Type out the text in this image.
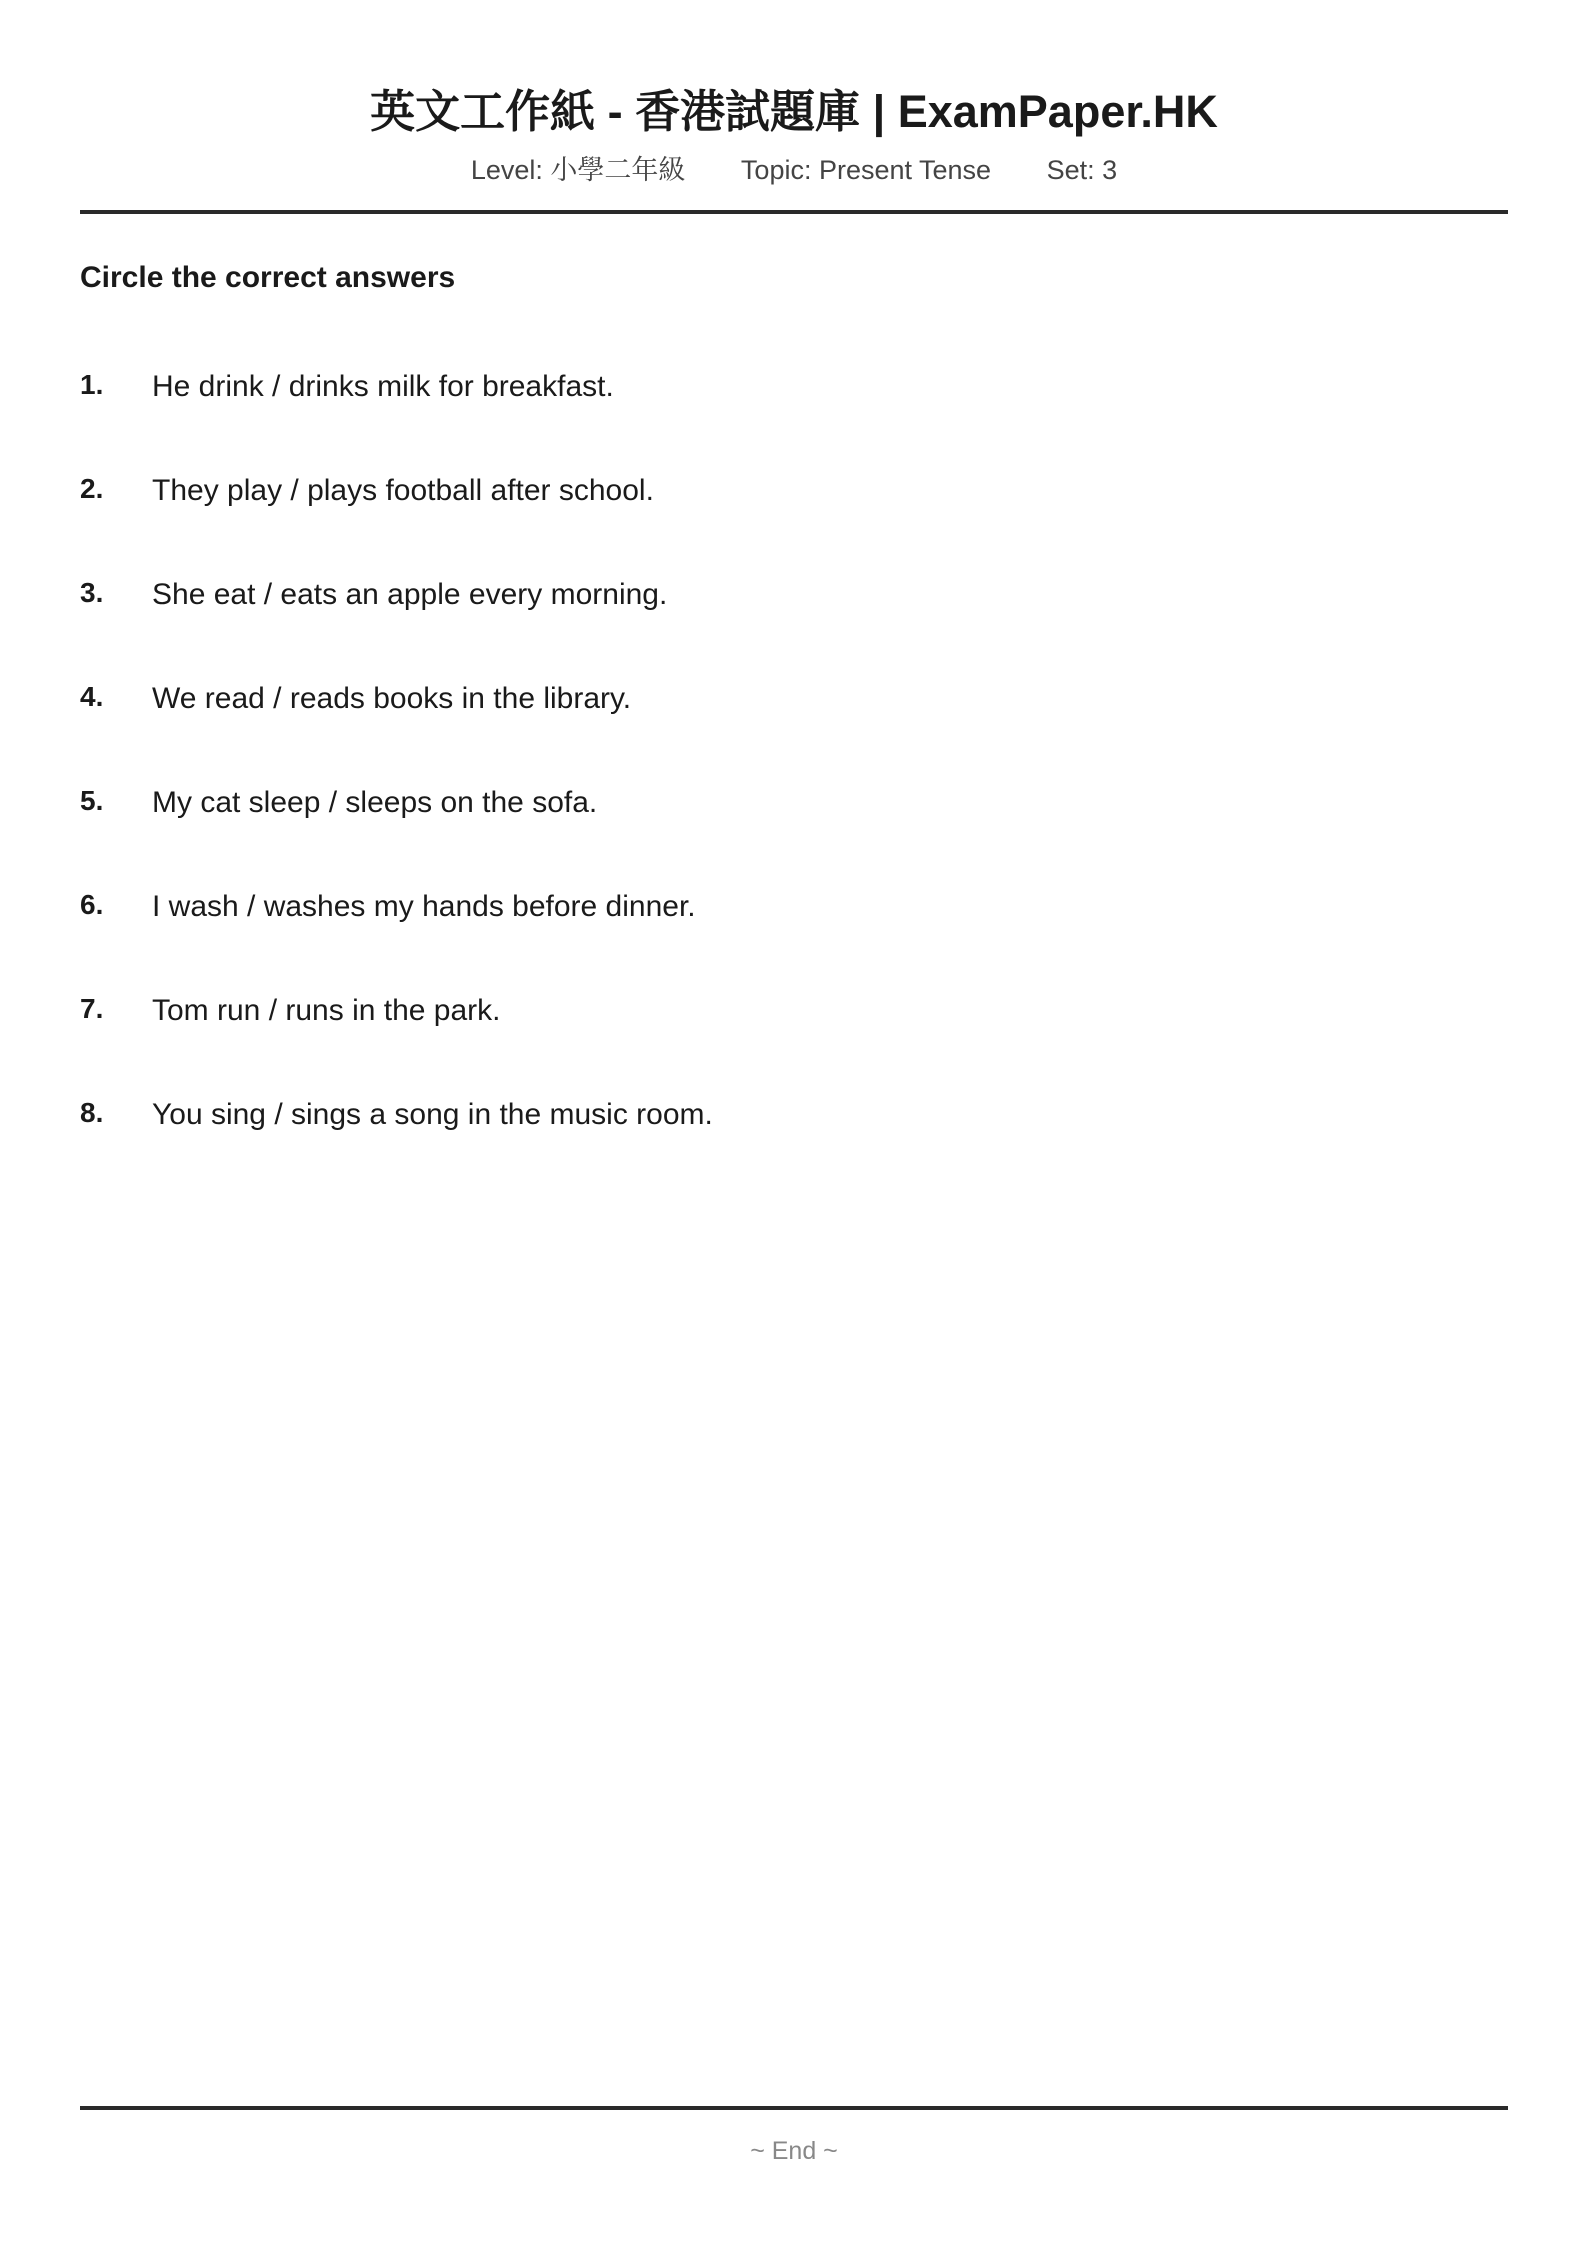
英文工作紙 - 香港試題庫 | ExamPaper.HK
Level: 小學二年級 Topic: Present Tense Set: 3
Circle the correct answers
1. He drink / drinks milk for breakfast.
2. They play / plays football after school.
3. She eat / eats an apple every morning.
4. We read / reads books in the library.
5. My cat sleep / sleeps on the sofa.
6. I wash / washes my hands before dinner.
7. Tom run / runs in the park.
8. You sing / sings a song in the music room.
~ End ~
